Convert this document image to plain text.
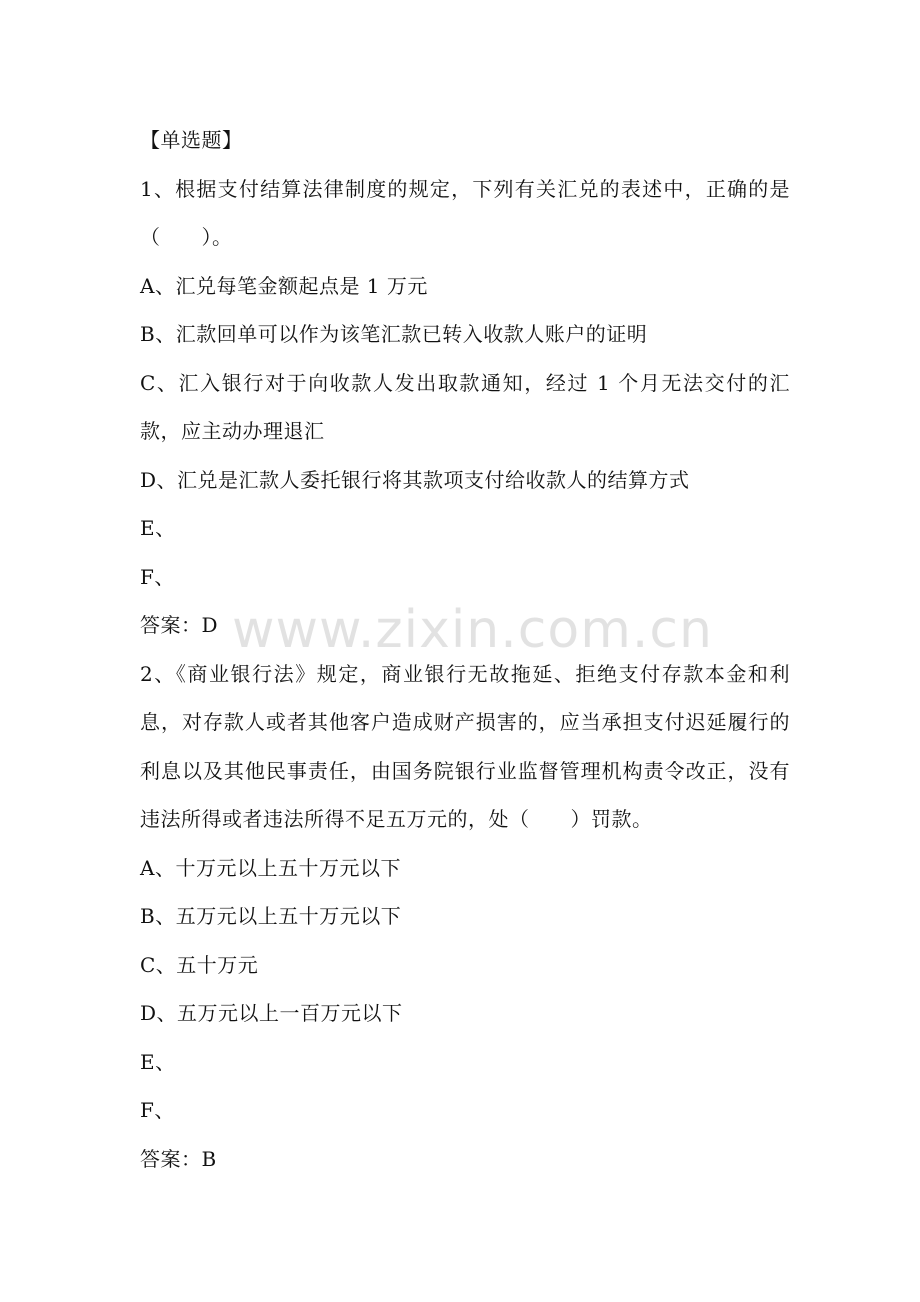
【单选题】
1、根据支付结算法律制度的规定，下列有关汇兑的表述中，正确的是（　　）。
A、汇兑每笔金额起点是 1 万元
B、汇款回单可以作为该笔汇款已转入收款人账户的证明
C、汇入银行对于向收款人发出取款通知，经过 1 个月无法交付的汇款，应主动办理退汇
D、汇兑是汇款人委托银行将其款项支付给收款人的结算方式
E、
F、
答案：D
2、《商业银行法》规定，商业银行无故拖延、拒绝支付存款本金和利息，对存款人或者其他客户造成财产损害的，应当承担支付迟延履行的利息以及其他民事责任，由国务院银行业监督管理机构责令改正，没有违法所得或者违法所得不足五万元的，处（　　）罚款。
A、十万元以上五十万元以下
B、五万元以上五十万元以下
C、五十万元
D、五万元以上一百万元以下
E、
F、
答案：B
www.zixin.com.cn
